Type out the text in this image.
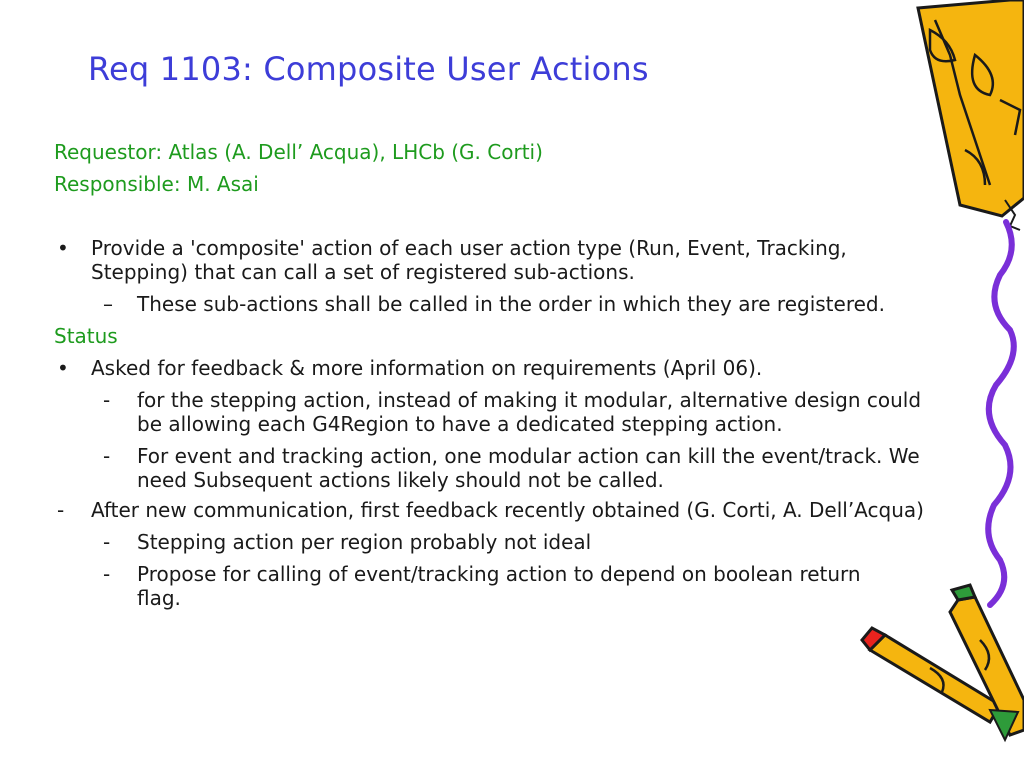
Req 1103: Composite User Actions
Requestor: Atlas (A. Dell’ Acqua), LHCb (G. Corti)
Responsible: M. Asai
• Provide a 'composite' action of each user action type (Run, Event, Tracking, Stepping) that can call a set of registered sub-actions.
– These sub-actions shall be called in the order in which they are registered.
Status
• Asked for feedback & more information on requirements (April 06).
- for the stepping action, instead of making it modular, alternative design could be allowing each G4Region to have a dedicated stepping action.
- For event and tracking action, one modular action can kill the event/track. We need Subsequent actions likely should not be called.
- After new communication, first feedback recently obtained (G. Corti, A. Dell’Acqua)
- Stepping action per region probably not ideal
- Propose for calling of event/tracking action to depend on boolean return flag.
